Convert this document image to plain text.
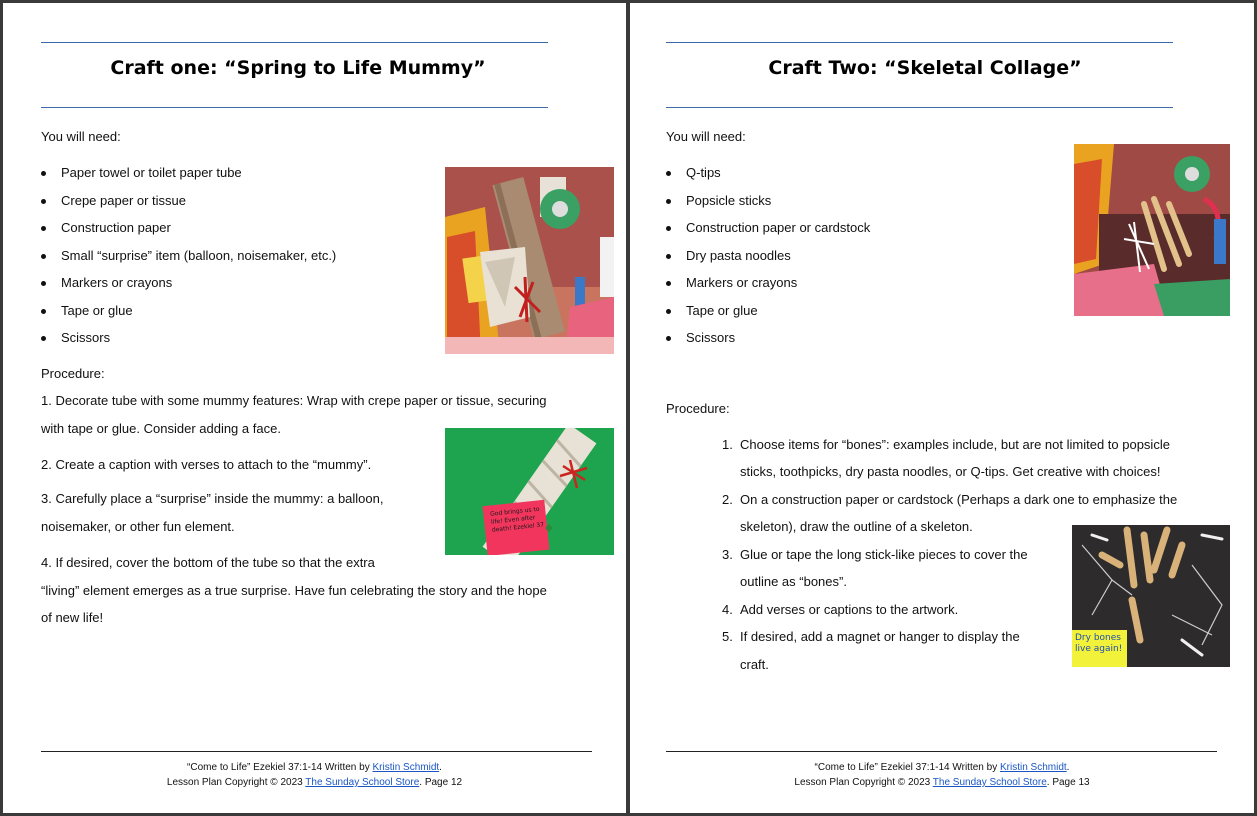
Craft one: “Spring to Life Mummy”
You will need:
Paper towel or toilet paper tube
Crepe paper or tissue
Construction paper
Small “surprise” item (balloon, noisemaker, etc.)
Markers or crayons
Tape or glue
Scissors
Procedure:
1. Decorate tube with some mummy features: Wrap with crepe paper or tissue, securing
with tape or glue. Consider adding a face.
2. Create a caption with verses to attach to the “mummy”.
3. Carefully place a “surprise” inside the mummy: a balloon,
noisemaker, or other fun element.
4. If desired, cover the bottom of the tube so that the extra
“living” element emerges as a true surprise. Have fun celebrating the story and the hope
of new life!
God brings us to life! Even after death! Ezekiel 37
“Come to Life” Ezekiel 37:1-14 Written by Kristin Schmidt.
Lesson Plan Copyright © 2023 The Sunday School Store. Page 12
Craft Two: “Skeletal Collage”
You will need:
Q-tips
Popsicle sticks
Construction paper or cardstock
Dry pasta noodles
Markers or crayons
Tape or glue
Scissors
Procedure:
1. Choose items for “bones”: examples include, but are not limited to popsicle
sticks, toothpicks, dry pasta noodles, or Q-tips. Get creative with choices!
2. On a construction paper or cardstock (Perhaps a dark one to emphasize the
skeleton), draw the outline of a skeleton.
3. Glue or tape the long stick-like pieces to cover the
outline as “bones”.
4. Add verses or captions to the artwork.
5. If desired, add a magnet or hanger to display the
craft.
Dry bones live again!
“Come to Life” Ezekiel 37:1-14 Written by Kristin Schmidt.
Lesson Plan Copyright © 2023 The Sunday School Store. Page 13
